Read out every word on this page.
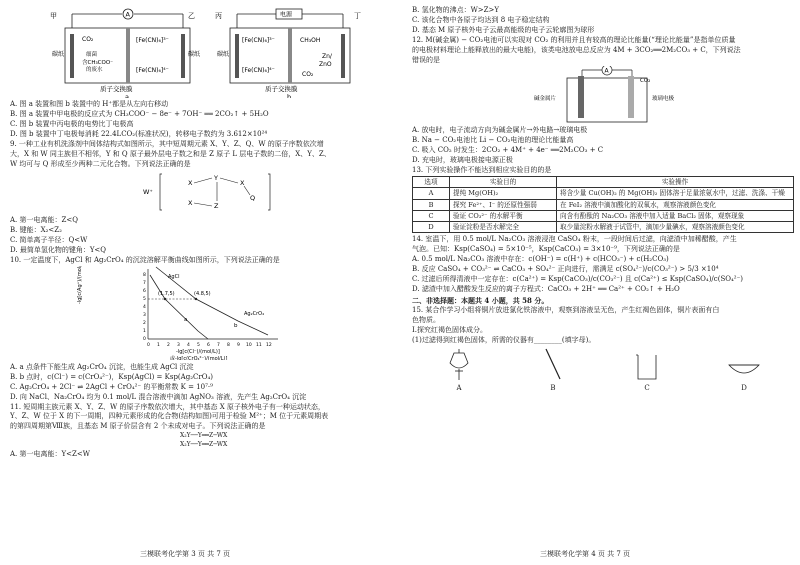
A
甲	乙
CO₂
碳纸	细菌
含CH₃COO⁻
的废水
[Fe(CN)₆]³⁻
[Fe(CN)₆]⁴⁻
碳纸
质子交换膜
a
电源
丙	丁
[Fe(CN)₆]³⁻
[Fe(CN)₆]⁴⁻
碳纸
CH₃OH
Zn/
ZnO
CO₂
质子交换膜
b
A. 图 a 装置和图 b 装置中的 H⁺都是从左向右移动
B. 图 a 装置中甲电极的反应式为 CH₃COO⁻ − 8e⁻ + 7OH⁻ ══ 2CO₂↑ + 5H₂O
C. 图 b 装置中丙电极的电势比丁电极高
D. 图 b 装置中丁电极每消耗 22.4LCO₂(标准状况)，转移电子数约为 3.612×10²⁴
9. 一种工业有机洗涤剂中间体结构式如图所示，其中短周期元素 X、Y、Z、Q、W 的原子序数依次增
大，X 和 W 同主族但不相邻，Y 和 Q 原子最外层电子数之和是 Z 原子 L 层电子数的二倍，X、Y、Z、
W 均可与 Q 形成至少两种二元化合物。下列说法正确的是
W⁺
X
Y
X	Z
X
Q
A. 第一电离能：Z<Q
B. 键能：X₂<Z₂
C. 简单离子半径：Q<W
D. 最简单氢化物的键角：Y<Q
10. 一定温度下，AgCl 和 Ag₂CrO₄ 的沉淀溶解平衡曲线如图所示，下列说法正确的是
-lg[c(Ag⁺)/(mol/L)]
0
1
2
3
4
5
6
7
8
0 1 2 3 4 5 6 7 8 9 10 11 12
(1.7,5)	(4.8,5)
AgCl
Ag₂CrO₄
a
b
-lg[c(Cl⁻)/(mol/L)]
或-lg[c(CrO₄²⁻)/(mol/L)]
A. a 点条件下能生成 Ag₂CrO₄ 沉淀，也能生成 AgCl 沉淀
B. b 点时，c(Cl⁻) = c(CrO₄²⁻)，Ksp(AgCl) = Ksp(Ag₂CrO₄)
C. Ag₂CrO₄ + 2Cl⁻ ⇌ 2AgCl + CrO₄²⁻ 的平衡常数 K = 10⁷·⁹
D. 向 NaCl、Na₂CrO₄ 均为 0.1 mol/L 混合溶液中滴加 AgNO₃ 溶液，先产生 Ag₂CrO₄ 沉淀
11. 短周期主族元素 X、Y、Z、W 的原子序数依次增大，其中基态 X 原子核外电子有一种运动状态，
Y、Z、W 位于 X 的下一周期，四种元素形成的化合物(结构如图)可用于检验 M²⁺；M 位于元素周期表
的第四周期第Ⅷ族，且基态 M 原子价层含有 2 个未成对电子。下列说法正确的是
X₂Y──Y══Z─WX
X₂Y──Y══Z─WX
A. 第一电离能：Y<Z<W
三模联考化学第 3 页 共 7 页
B. 氢化物的沸点：W>Z>Y
C. 该化合物中各原子均达到 8 电子稳定结构
D. 基态 M 原子核外电子云最高能级的电子云轮廓图为球形
12. M(碱金属) − CO₂电池可以实现对 CO₂ 的利用并且有较高的理论比能量(“理论比能量”是指单位质量
的电极材料理论上能释放出的最大电能)，该类电池放电总反应为 4M + 3CO₂══2M₂CO₃ + C，下列说法
错误的是
A
碱金属片	玻璃电极
CO₂
A. 放电时，电子流动方向为碱金属片→外电路→玻璃电极
B. Na − CO₂电池比 Li − CO₂电池的理论比能量高
C. 吸入 CO₂ 时发生：2CO₂ + 4M⁺ + 4e⁻ ══2M₂CO₃ + C
D. 充电时，玻璃电极接电源正极
13. 下列实验操作不能达到相应实验目的的是
选项	实验目的	实验操作
A	提纯 Mg(OH)₂	将含少量 Cu(OH)₂ 的 Mg(OH)₂ 固体溶于足量浓氨水中，过滤、洗涤、干燥
B	探究 Fe²⁺、I⁻ 的还原性强弱	在 FeI₂ 溶液中滴加酸化的双氧水，观察溶液颜色变化
C	验证 CO₃²⁻ 的水解平衡	向含有酚酞的 Na₂CO₃ 溶液中加入适量 BaCl₂ 固体，观察现象
D	验证淀粉是否水解完全	取少量淀粉水解液于试管中，滴加少量碘水，观察溶液颜色变化
14. 室温下，用 0.5 mol/L Na₂CO₃ 溶液浸泡 CaSO₄ 粉末，一段时间后过滤，向滤渣中加稀醋酸，产生
气泡。已知：Ksp(CaSO₄) = 5×10⁻⁵，Ksp(CaCO₃) = 3×10⁻⁹，下列说法正确的是
A. 0.5 mol/L Na₂CO₃ 溶液中存在：c(OH⁻) = c(H⁺) + c(HCO₃⁻) + c(H₂CO₃)
B. 反应 CaSO₄ + CO₃²⁻ ⇌ CaCO₃ + SO₄²⁻ 正向进行，需满足 c(SO₄²⁻)/c(CO₃²⁻) > 5/3 ×10⁴
C. 过滤后所得清液中一定存在：c(Ca²⁺) = Ksp(CaCO₃)/c(CO₃²⁻) 且 c(Ca²⁺) ≤ Ksp(CaSO₄)/c(SO₄²⁻)
D. 滤渣中加入醋酸发生反应的离子方程式：CaCO₃ + 2H⁺ ══ Ca²⁺ + CO₂↑ + H₂O
二、非选择题：本题共 4 小题，共 58 分。
15. 某合作学习小组将铜片放进氯化铁溶液中，观察到溶液呈无色，产生红褐色固体，铜片表面有白
色物质。
Ⅰ.探究红褐色固体成分。
(1)过滤得到红褐色固体，所需的仪器有________(填字母)。
A	B	C	D
三模联考化学第 4 页 共 7 页
